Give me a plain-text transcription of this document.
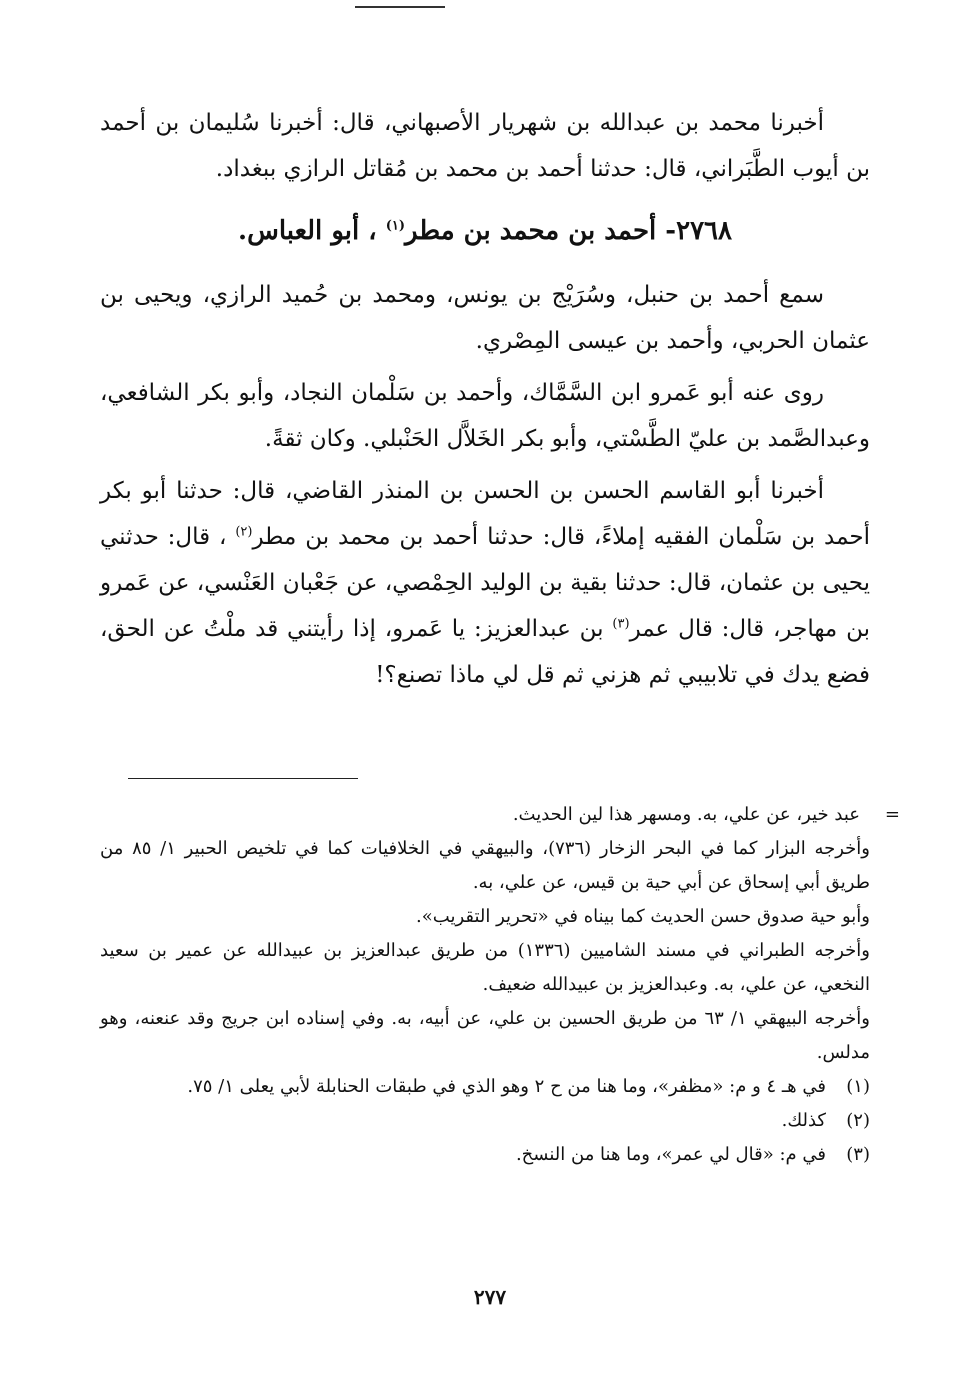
أخبرنا محمد بن عبدالله بن شهريار الأصبهاني، قال: أخبرنا سُليمان بن أحمد بن أيوب الطَّبَراني، قال: حدثنا أحمد بن محمد بن مُقاتل الرازي ببغداد.

٢٧٦٨- أحمد بن محمد بن مطر$^{(١)}$ ، أبو العباس.

سمع أحمد بن حنبل، وسُرَيْج بن يونس، ومحمد بن حُميد الرازي، ويحيى بن عثمان الحربي، وأحمد بن عيسى المِصْري.

روى عنه أبو عَمرو ابن السَّمَّاك، وأحمد بن سَلْمان النجاد، وأبو بكر الشافعي، وعبدالصَّمد بن عليّ الطَّسْتي، وأبو بكر الخَلاَّل الحَنْبلي. وكان ثقةً.

أخبرنا أبو القاسم الحسن بن الحسن بن المنذر القاضي، قال: حدثنا أبو بكر أحمد بن سَلْمان الفقيه إملاءً، قال: حدثنا أحمد بن محمد بن مطر$^{(٢)}$ ، قال: حدثني يحيى بن عثمان، قال: حدثنا بقية بن الوليد الحِمْصي، عن جَعْبان العَنْسي، عن عَمرو بن مهاجر، قال: قال عمر$^{(٣)}$ بن عبدالعزيز: يا عَمرو، إذا رأيتني قد ملْتُ عن الحق، فضع يدك في تلابيبي ثم هزني ثم قل لي ماذا تصنع؟!

=

عبد خير، عن علي، به. ومسهر هذا لين الحديث.

وأخرجه البزار كما في البحر الزخار (٧٣٦)، والبيهقي في الخلافيات كما في تلخيص الحبير ١/ ٨٥ من طريق أبي إسحاق عن أبي حية بن قيس، عن علي، به.

وأبو حية صدوق حسن الحديث كما بيناه في «تحرير التقريب».

وأخرجه الطبراني في مسند الشاميين (١٣٣٦) من طريق عبدالعزيز بن عبيدالله عن عمير بن سعيد النخعي، عن علي، به. وعبدالعزيز بن عبيدالله ضعيف.

وأخرجه البيهقي ١/ ٦٣ من طريق الحسين بن علي، عن أبيه، به. وفي إسناده ابن جريج وقد عنعنه، وهو مدلس.

(١)
في هـ ٤ و م: «مظفر»، وما هنا من ح ٢ وهو الذي في طبقات الحنابلة لأبي يعلى ١/ ٧٥.
(٢)
كذلك.
(٣)
في م: «قال لي عمر»، وما هنا من النسخ.
٢٧٧
